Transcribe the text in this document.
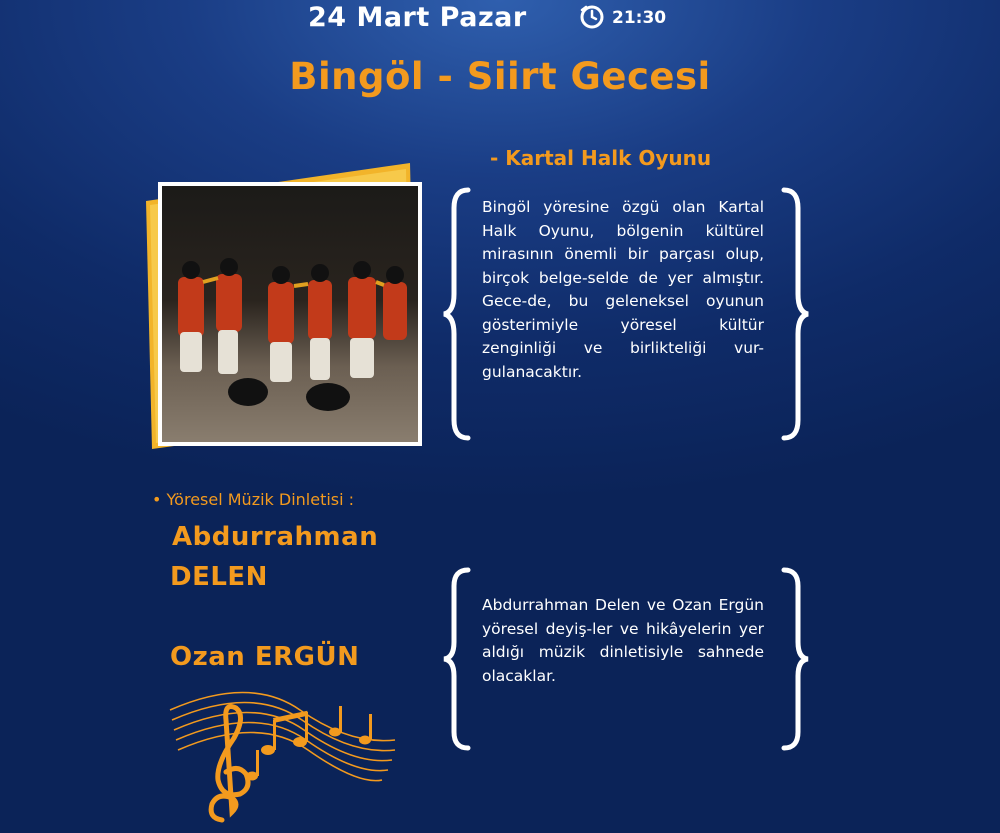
24 Mart Pazar	21:30
Bingöl - Siirt Gecesi
- Kartal Halk Oyunu
Bingöl yöresine özgü olan Kartal Halk Oyunu, bölgenin kültürel mirasının önemli bir parçası olup, birçok belge-selde de yer almıştır. Gece-de, bu geleneksel oyunun gösterimiyle yöresel kültür zenginliği ve birlikteliği vur-gulanacaktır.
• Yöresel Müzik Dinletisi :
Abdurrahman
DELEN
Ozan ERGÜN
Abdurrahman Delen ve Ozan Ergün yöresel deyiş-ler ve hikâyelerin yer aldığı müzik dinletisiyle sahnede olacaklar.
